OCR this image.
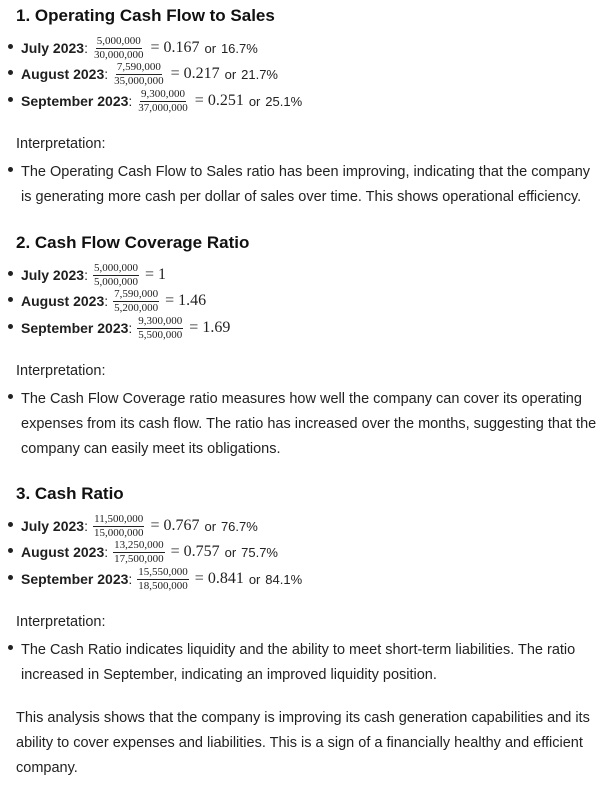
1. Operating Cash Flow to Sales
July 2023 : $\frac{5,000,000}{30,000,000} = 0.167$ or
16.7%
August 2023 : $\frac{7,590,000}{35,000,000} = 0.217$ or
21.7%
September 2023 : $\frac{9,300,000}{37,000,000} = 0.251$ or
25.1%

Interpretation:

The Operating Cash Flow to Sales ratio has been improving, indicating that the company is generating more cash per dollar of sales over time. This shows operational efficiency.
2. Cash Flow Coverage Ratio
July 2023 : $\frac{5,000,000}{5,000,000} = 1$
August 2023 : $\frac{7,590,000}{5,200,000} = 1.46$
September 2023 : $\frac{9,300,000}{5,500,000} = 1.69$

Interpretation:

The Cash Flow Coverage ratio measures how well the company can cover its operating expenses from its cash flow. The ratio has increased over the months, suggesting that the company can easily meet its obligations.
3. Cash Ratio
July 2023 : $\frac{11,500,000}{15,000,000} = 0.767$ or
76.7%
August 2023 : $\frac{13,250,000}{17,500,000} = 0.757$ or
75.7%
September 2023 : $\frac{15,550,000}{18,500,000} = 0.841$ or
84.1%

Interpretation:

The Cash Ratio indicates liquidity and the ability to meet short-term liabilities. The ratio increased in September, indicating an improved liquidity position.

This analysis shows that the company is improving its cash generation capabilities and its ability to cover expenses and liabilities. This is a sign of a financially healthy and efficient company.
